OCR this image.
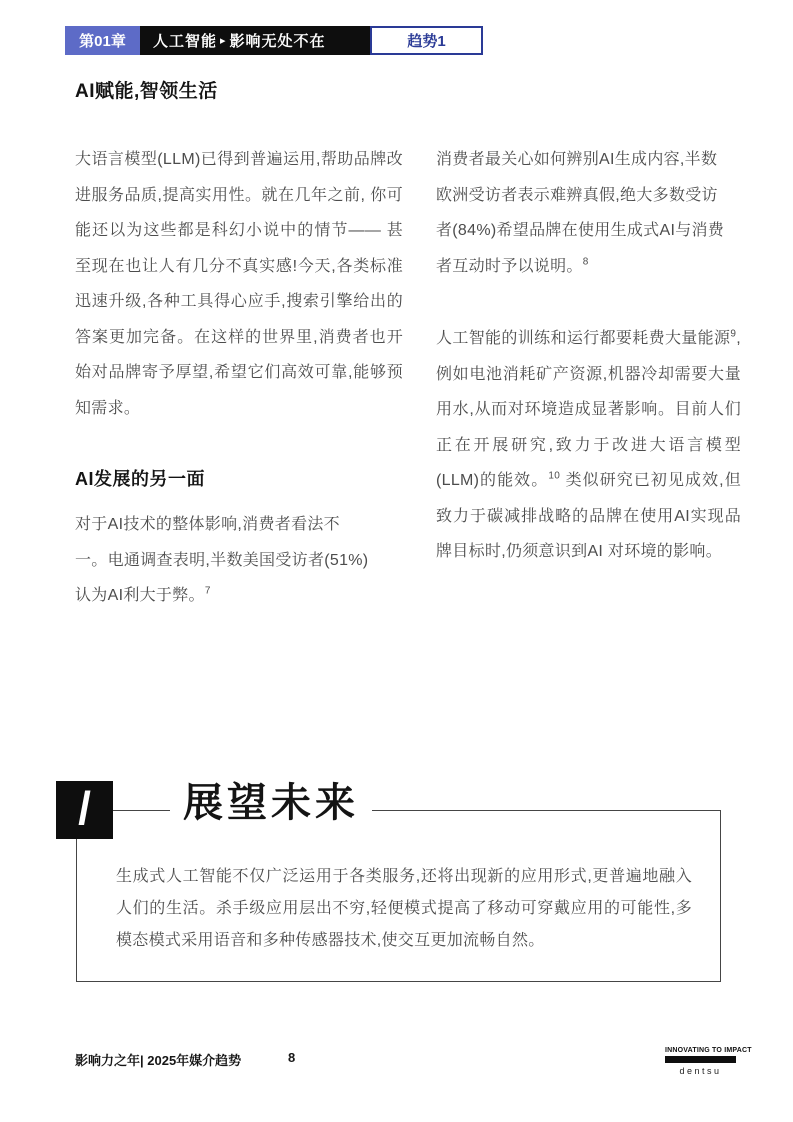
第01章	人工智能 ▸ 影响无处不在	趋势1
AI赋能,智领生活

大语言模型(LLM)已得到普遍运用,帮助品牌改进服务品质,提高实用性。就在几年之前, 你可能还以为这些都是科幻小说中的情节—— 甚至现在也让人有几分不真实感!今天,各类标准迅速升级,各种工具得心应手,搜索引擎给出的答案更加完备。在这样的世界里,消费者也开始对品牌寄予厚望,希望它们高效可靠,能够预知需求。

AI发展的另一面

对于AI技术的整体影响,消费者看法不一。电通调查表明,半数美国受访者(51%)认为AI利大于弊。$^7$

消费者最关心如何辨别AI生成内容,半数欧洲受访者表示难辨真假,绝大多数受访者(84%)希望品牌在使用生成式AI与消费者互动时予以说明。$^8$

人工智能的训练和运行都要耗费大量能源$^9$,例如电池消耗矿产资源,机器冷却需要大量用水,从而对环境造成显著影响。目前人们正在开展研究,致力于改进大语言模型(LLM)的能效。$^{10}$ 类似研究已初见成效,但致力于碳减排战略的品牌在使用AI实现品牌目标时,仍须意识到AI 对环境的影响。

生成式人工智能不仅广泛运用于各类服务,还将出现新的应用形式,更普遍地融入人们的生活。杀手级应用层出不穷,轻便模式提高了移动可穿戴应用的可能性,多模态模式采用语音和多种传感器技术,使交互更加流畅自然。

/	展望未来
影响力之年| 2025年媒介趋势	8	INNOVATING TO IMPACT
dentsu
